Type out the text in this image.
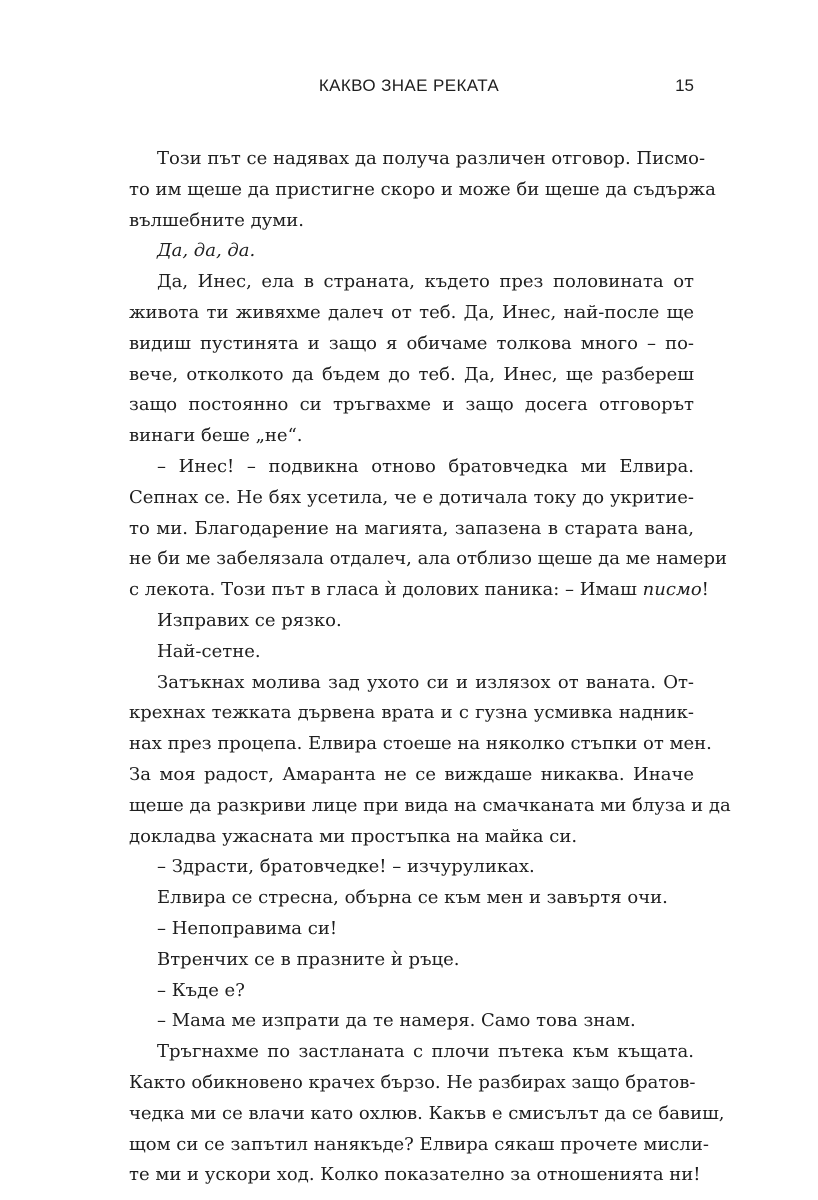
КАКВО ЗНАЕ РЕКАТА	15
Този път се надявах да получа различен отговор. Писмо-
то им щеше да пристигне скоро и може би щеше да съдържа
вълшебните думи.
Да, да, да.
Да, Инес, ела в страната, където през половината от
живота ти живяхме далеч от теб. Да, Инес, най-после ще
видиш пустинята и защо я обичаме толкова много – по-
вече, отколкото да бъдем до теб. Да, Инес, ще разбереш
защо постоянно си тръгвахме и защо досега отговорът
винаги беше „не“.
– Инес! – подвикна отново братовчедка ми Елвира.
Сепнах се. Не бях усетила, че е дотичала току до укритие-
то ми. Благодарение на магията, запазена в старата вана,
не би ме забелязала отдалеч, ала отблизо щеше да ме намери
с лекота. Този път в гласа ѝ долових паника: – Имаш писмо!
Изправих се рязко.
Най-сетне.
Затъкнах молива зад ухото си и излязох от ваната. От-
крехнах тежката дървена врата и с гузна усмивка надник-
нах през процепа. Елвира стоеше на няколко стъпки от мен.
За моя радост, Амаранта не се виждаше никаква. Иначе
щеше да разкриви лице при вида на смачканата ми блуза и да
докладва ужасната ми простъпка на майка си.
– Здрасти, братовчедке! – изчуруликах.
Елвира се стресна, обърна се към мен и завъртя очи.
– Непоправима си!
Втренчих се в празните ѝ ръце.
– Къде е?
– Мама ме изпрати да те намеря. Само това знам.
Тръгнахме по застланата с плочи пътека към къщата.
Както обикновено крачех бързо. Не разбирах защо братов-
чедка ми се влачи като охлюв. Какъв е смисълът да се бавиш,
щом си се запътил нанякъде? Елвира сякаш прочете мисли-
те ми и ускори ход. Колко показателно за отношенията ни!
